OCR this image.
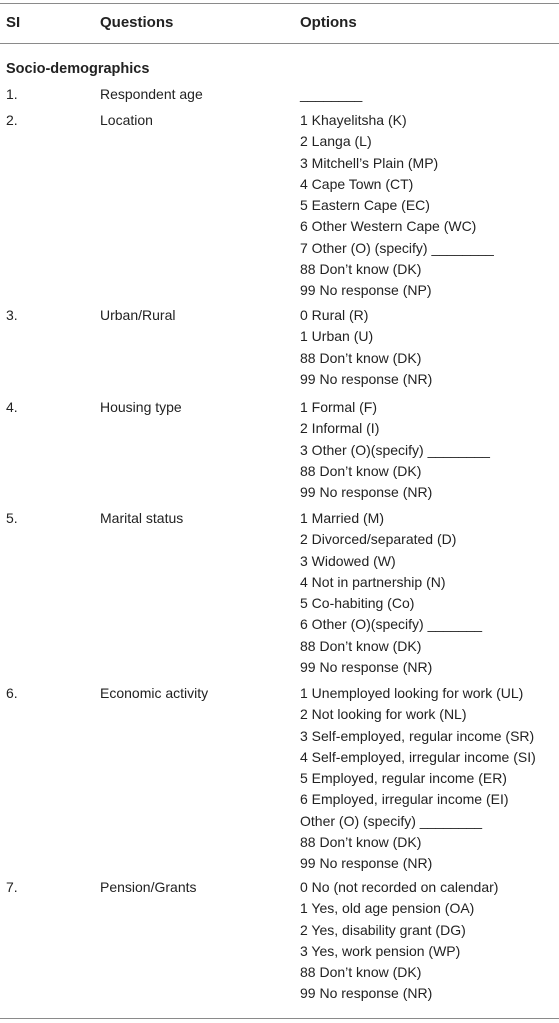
SI	Questions	Options
Socio-demographics
1.	Respondent age	________
2.	Location	1 Khayelitsha (K)
2 Langa (L)
3 Mitchell’s Plain (MP)
4 Cape Town (CT)
5 Eastern Cape (EC)
6 Other Western Cape (WC)
7 Other (O) (specify) ________
88 Don’t know (DK)
99 No response (NP)
3.	Urban/Rural	0 Rural (R)
1 Urban (U)
88 Don’t know (DK)
99 No response (NR)
4.	Housing type	1 Formal (F)
2 Informal (I)
3 Other (O)(specify) ________
88 Don’t know (DK)
99 No response (NR)
5.	Marital status	1 Married (M)
2 Divorced/separated (D)
3 Widowed (W)
4 Not in partnership (N)
5 Co-habiting (Co)
6 Other (O)(specify) _______
88 Don’t know (DK)
99 No response (NR)
6.	Economic activity	1 Unemployed looking for work (UL)
2 Not looking for work (NL)
3 Self-employed, regular income (SR)
4 Self-employed, irregular income (SI)
5 Employed, regular income (ER)
6 Employed, irregular income (EI)
Other (O) (specify) ________
88 Don’t know (DK)
99 No response (NR)
7.	Pension/Grants	0 No (not recorded on calendar)
1 Yes, old age pension (OA)
2 Yes, disability grant (DG)
3 Yes, work pension (WP)
88 Don’t know (DK)
99 No response (NR)
